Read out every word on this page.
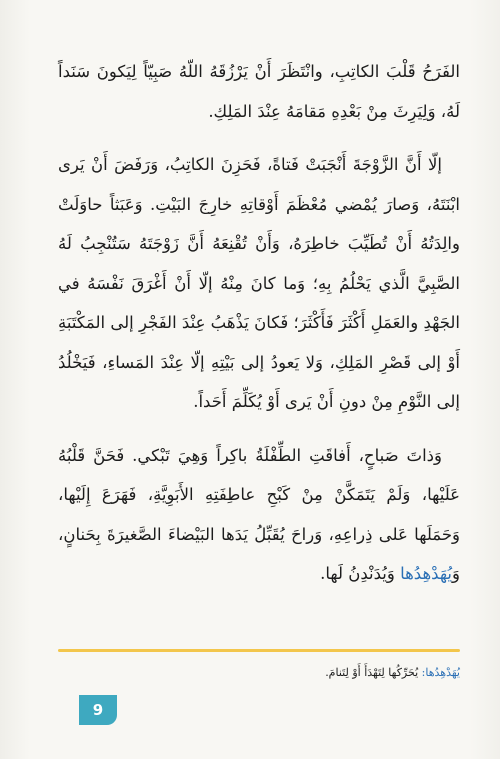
الفَرَحُ قَلْبَ الكاتِبِ، وانْتَظَرَ أَنْ يَرْزُقَهُ اللّهُ صَبِيّاً لِيَكونَ سَنَداً لَهُ، وَلِيَرِثَ مِنْ بَعْدِهِ مَقامَهُ عِنْدَ المَلِكِ.

إلّا أَنَّ الزَّوْجَةَ أَنْجَبَتْ فَتاةً، فَحَزِنَ الكاتِبُ، وَرَفَضَ أَنْ يَرى ابْنَتَهُ، وَصارَ يُمْضي مُعْظَمَ أَوْقاتِهِ خارِجَ البَيْتِ. وَعَبَثاً حاوَلَتْ والِدَتُهُ أَنْ تُطَيِّبَ خاطِرَهُ، وَأَنْ تُقْنِعَهُ أَنَّ زَوْجَتَهُ سَتُنْجِبُ لَهُ الصَّبِيَّ الَّذي يَحْلُمُ بِهِ؛ وَما كانَ مِنْهُ إلّا أَنْ أَغْرَقَ نَفْسَهُ في الجَهْدِ والعَمَلِ أَكْثَرَ فَأَكْثَرَ؛ فَكانَ يَذْهَبُ عِنْدَ الفَجْرِ إلى المَكْتَبَةِ أَوْ إلى قَصْرِ المَلِكِ، وَلا يَعودُ إلى بَيْتِهِ إلّا عِنْدَ المَساءِ، فَيَخْلُدُ إلى النَّوْمِ مِنْ دونِ أَنْ يَرى أَوْ يُكَلِّمَ أَحَداً.

وَذاتَ صَباحٍ، أَفاقَتِ الطِّفْلَةُ باكِراً وَهِيَ تَبْكي. فَحَنَّ قَلْبُهُ عَلَيْها، وَلَمْ يَتَمَكَّنْ مِنْ كَبْحِ عاطِفَتِهِ الأَبَوِيَّةِ، فَهَرَعَ إِلَيْها، وَحَمَلَها عَلى ذِراعِهِ، وَراحَ يُقَبِّلُ يَدَها البَيْضاءَ الصَّغيرَةَ بِحَنانٍ، وَيُهَدْهِدُها وَيُدَنْدِنُ لَها.

يُهَدْهِدُها: يُحَرِّكُها لِتَهْدَأَ أَوْ لِتَنامَ.
9
